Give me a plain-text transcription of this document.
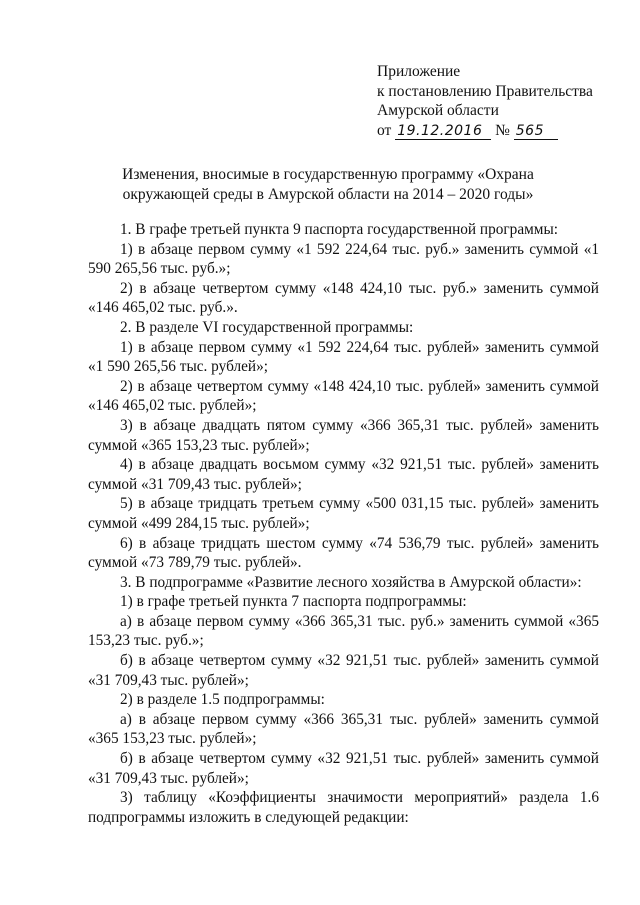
Приложение
к постановлению Правительства
Амурской области
от 19.12.2016 № 565
Изменения, вносимые в государственную программу «Охрана окружающей среды в Амурской области на 2014 – 2020 годы»

1. В графе третьей пункта 9 паспорта государственной программы:

1) в абзаце первом сумму «1 592 224,64 тыс. руб.» заменить суммой «1 590 265,56 тыс. руб.»;

2) в абзаце четвертом сумму «148 424,10 тыс. руб.» заменить суммой «146 465,02 тыс. руб.».

2. В разделе VI государственной программы:

1) в абзаце первом сумму «1 592 224,64 тыс. рублей» заменить суммой «1 590 265,56 тыс. рублей»;

2) в абзаце четвертом сумму «148 424,10 тыс. рублей» заменить суммой «146 465,02 тыс. рублей»;

3) в абзаце двадцать пятом сумму «366 365,31 тыс. рублей» заменить суммой «365 153,23 тыс. рублей»;

4) в абзаце двадцать восьмом сумму «32 921,51 тыс. рублей» заменить суммой «31 709,43 тыс. рублей»;

5) в абзаце тридцать третьем сумму «500 031,15 тыс. рублей» заменить суммой «499 284,15 тыс. рублей»;

6) в абзаце тридцать шестом сумму «74 536,79 тыс. рублей» заменить суммой «73 789,79 тыс. рублей».

3. В подпрограмме «Развитие лесного хозяйства в Амурской области»:

1) в графе третьей пункта 7 паспорта подпрограммы:

а) в абзаце первом сумму «366 365,31 тыс. руб.» заменить суммой «365 153,23 тыс. руб.»;

б) в абзаце четвертом сумму «32 921,51 тыс. рублей» заменить суммой «31 709,43 тыс. рублей»;

2) в разделе 1.5 подпрограммы:

а) в абзаце первом сумму «366 365,31 тыс. рублей» заменить суммой «365 153,23 тыс. рублей»;

б) в абзаце четвертом сумму «32 921,51 тыс. рублей» заменить суммой «31 709,43 тыс. рублей»;

3) таблицу «Коэффициенты значимости мероприятий» раздела 1.6 подпрограммы изложить в следующей редакции:
